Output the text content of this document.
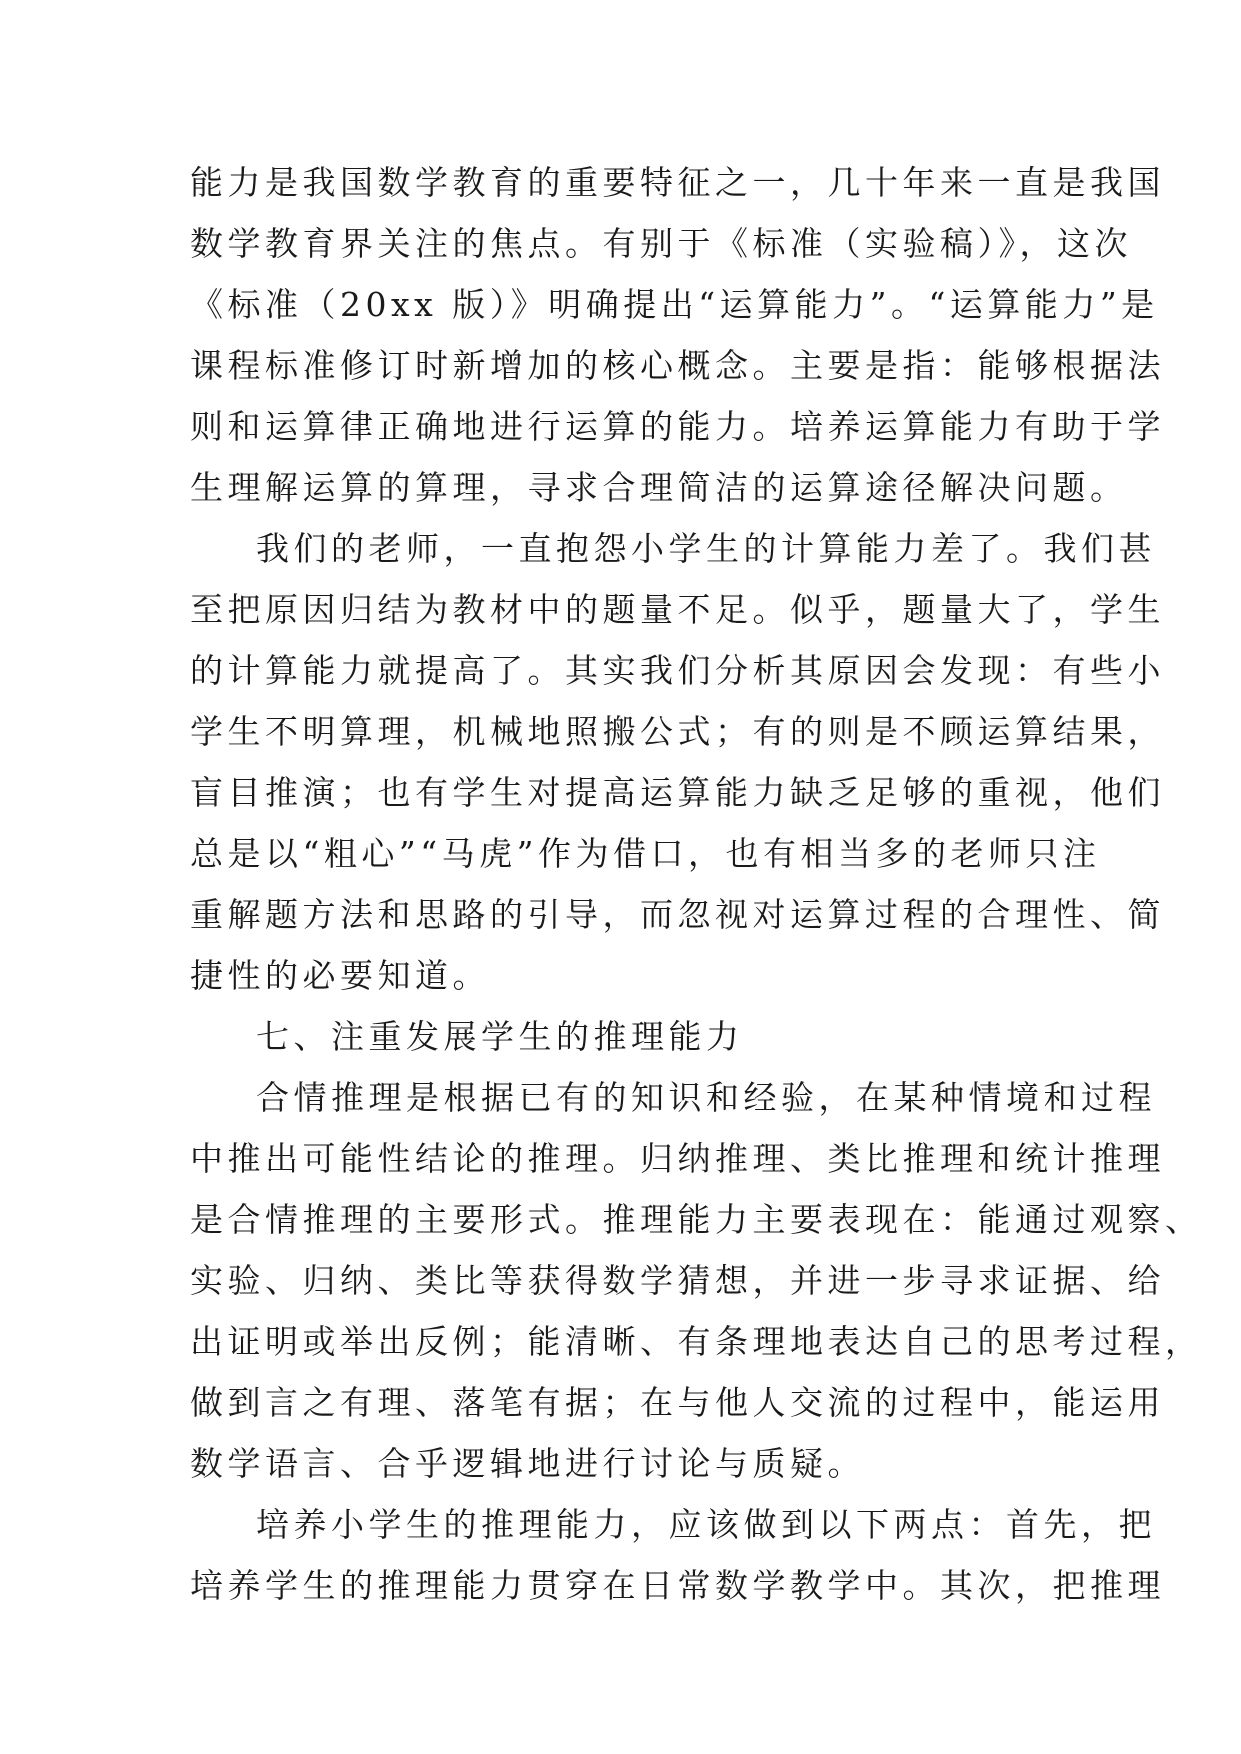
能力是我国数学教育的重要特征之一，几十年来一直是我国
数学教育界关注的焦点。有别于《标准（实验稿）》，这次
《标准（20xx 版）》明确提出“运算能力”。“运算能力”是
课程标准修订时新增加的核心概念。主要是指：能够根据法
则和运算律正确地进行运算的能力。培养运算能力有助于学
生理解运算的算理，寻求合理简洁的运算途径解决问题。
我们的老师，一直抱怨小学生的计算能力差了。我们甚
至把原因归结为教材中的题量不足。似乎，题量大了，学生
的计算能力就提高了。其实我们分析其原因会发现：有些小
学生不明算理，机械地照搬公式；有的则是不顾运算结果，
盲目推演；也有学生对提高运算能力缺乏足够的重视，他们
总是以“粗心”“马虎”作为借口，也有相当多的老师只注
重解题方法和思路的引导，而忽视对运算过程的合理性、简
捷性的必要知道。
七、注重发展学生的推理能力
合情推理是根据已有的知识和经验，在某种情境和过程
中推出可能性结论的推理。归纳推理、类比推理和统计推理
是合情推理的主要形式。推理能力主要表现在：能通过观察、
实验、归纳、类比等获得数学猜想，并进一步寻求证据、给
出证明或举出反例；能清晰、有条理地表达自己的思考过程，
做到言之有理、落笔有据；在与他人交流的过程中，能运用
数学语言、合乎逻辑地进行讨论与质疑。
培养小学生的推理能力，应该做到以下两点：首先，把
培养学生的推理能力贯穿在日常数学教学中。其次，把推理
